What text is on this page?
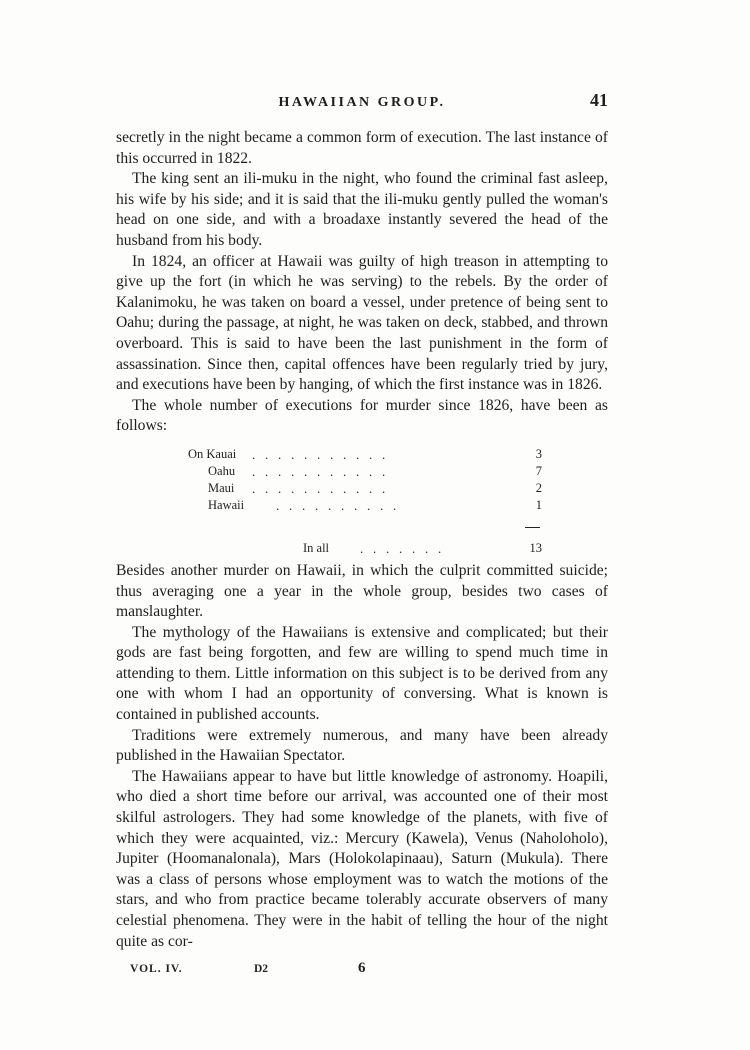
HAWAIIAN GROUP.	41

secretly in the night became a common form of execution. The last instance of this occurred in 1822.

The king sent an ili-muku in the night, who found the criminal fast asleep, his wife by his side; and it is said that the ili-muku gently pulled the woman's head on one side, and with a broadaxe instantly severed the head of the husband from his body.

In 1824, an officer at Hawaii was guilty of high treason in attempting to give up the fort (in which he was serving) to the rebels. By the order of Kalanimoku, he was taken on board a vessel, under pretence of being sent to Oahu; during the passage, at night, he was taken on deck, stabbed, and thrown overboard. This is said to have been the last punishment in the form of assassination. Since then, capital offences have been regularly tried by jury, and executions have been by hanging, of which the first instance was in 1826.

The whole number of executions for murder since 1826, have been as follows:

On Kauai .   .   .   .   .   .   .   .   .   .   .	3
Oahu .   .   .   .   .   .   .   .   .   .   .	7
Maui .   .   .   .   .   .   .   .   .   .   .	2
Hawaii .   .   .   .   .   .   .   .   .   .	1
In all .   .   .   .   .   .   .	13

Besides another murder on Hawaii, in which the culprit committed suicide; thus averaging one a year in the whole group, besides two cases of manslaughter.

The mythology of the Hawaiians is extensive and complicated; but their gods are fast being forgotten, and few are willing to spend much time in attending to them. Little information on this subject is to be derived from any one with whom I had an opportunity of conversing. What is known is contained in published accounts.

Traditions were extremely numerous, and many have been already published in the Hawaiian Spectator.

The Hawaiians appear to have but little knowledge of astronomy. Hoapili, who died a short time before our arrival, was accounted one of their most skilful astrologers. They had some knowledge of the planets, with five of which they were acquainted, viz.: Mercury (Kawela), Venus (Naholoholo), Jupiter (Hoomanalonala), Mars (Holokolapinaau), Saturn (Mukula). There was a class of persons whose employment was to watch the motions of the stars, and who from practice became tolerably accurate observers of many celestial phenomena. They were in the habit of telling the hour of the night quite as cor-

VOL. IV.	D2	6
